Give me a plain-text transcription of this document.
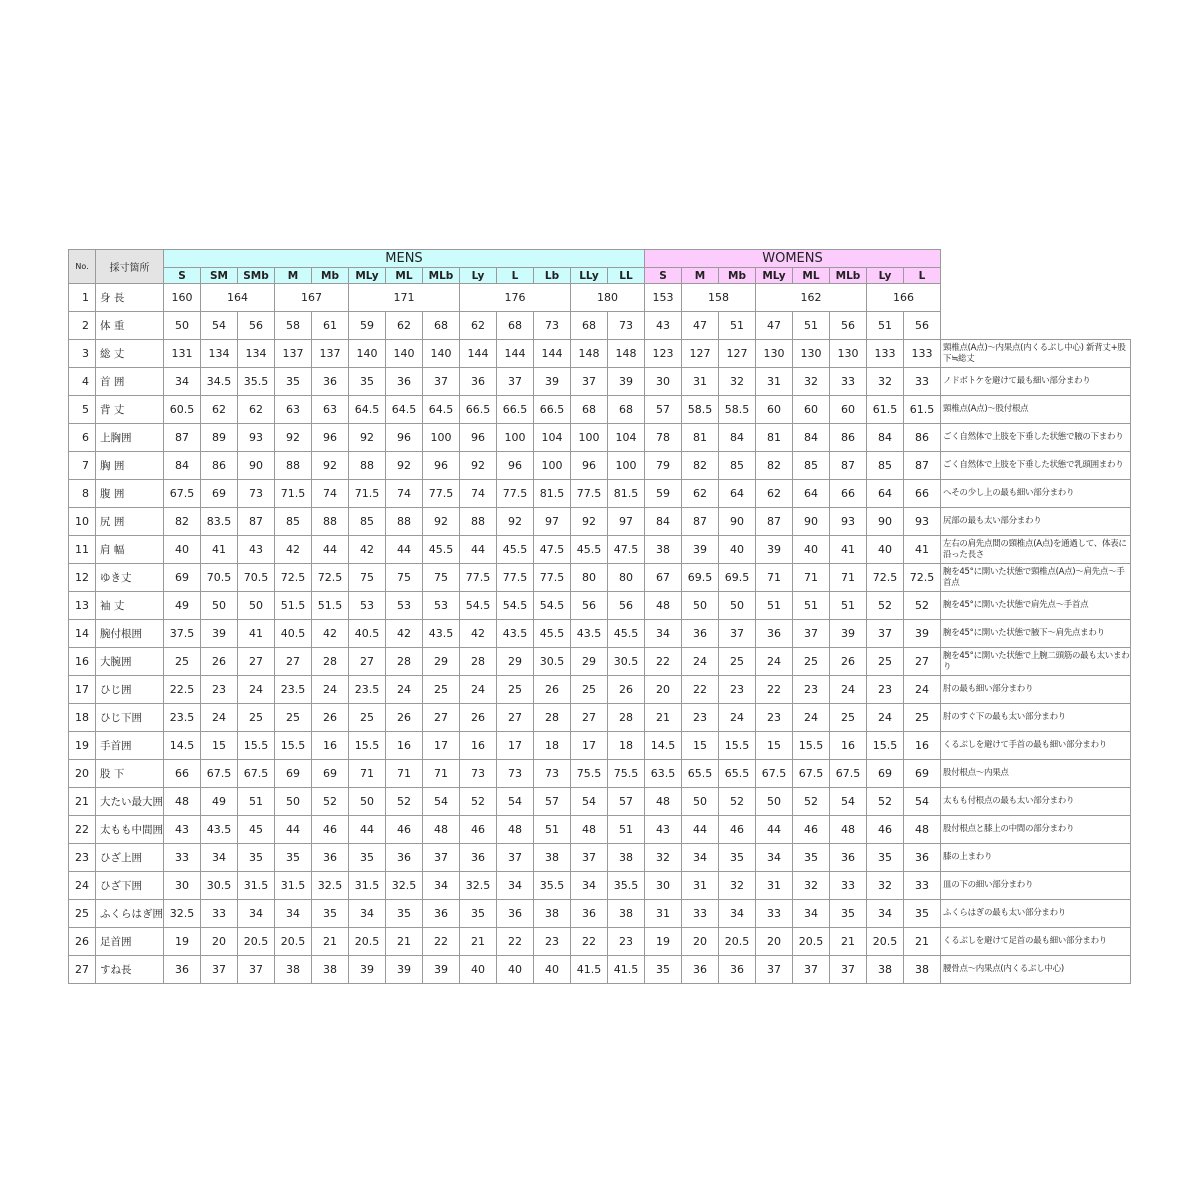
No.	採寸箇所	MENS													WOMENS								
		S	SM	SMb	M	Mb	MLy	ML	MLb	Ly	L	Lb	LLy	LL	S	M	Mb	MLy	ML	MLb	Ly	L	
1	身 長	160	164		167		171			176			180		153	158		162			166		
2	体 重	50	54	56	58	61	59	62	68	62	68	73	68	73	43	47	51	47	51	56	51	56	
3	総 丈	131	134	134	137	137	140	140	140	144	144	144	148	148	123	127	127	130	130	130	133	133	頸椎点(A点)〜内果点(内くるぶし中心) 新背丈+股下≒総丈
4	首 囲	34	34.5	35.5	35	36	35	36	37	36	37	39	37	39	30	31	32	31	32	33	32	33	ノドボトケを避けて最も細い部分まわり
5	背 丈	60.5	62	62	63	63	64.5	64.5	64.5	66.5	66.5	66.5	68	68	57	58.5	58.5	60	60	60	61.5	61.5	頸椎点(A点)〜股付根点
6	上胸囲	87	89	93	92	96	92	96	100	96	100	104	100	104	78	81	84	81	84	86	84	86	ごく自然体で上肢を下垂した状態で腋の下まわり
7	胸 囲	84	86	90	88	92	88	92	96	92	96	100	96	100	79	82	85	82	85	87	85	87	ごく自然体で上肢を下垂した状態で乳頭囲まわり
8	腹 囲	67.5	69	73	71.5	74	71.5	74	77.5	74	77.5	81.5	77.5	81.5	59	62	64	62	64	66	64	66	へその少し上の最も細い部分まわり
10	尻 囲	82	83.5	87	85	88	85	88	92	88	92	97	92	97	84	87	90	87	90	93	90	93	尻部の最も太い部分まわり
11	肩 幅	40	41	43	42	44	42	44	45.5	44	45.5	47.5	45.5	47.5	38	39	40	39	40	41	40	41	左右の肩先点間の頸椎点(A点)を通過して、体表に沿った長さ
12	ゆき丈	69	70.5	70.5	72.5	72.5	75	75	75	77.5	77.5	77.5	80	80	67	69.5	69.5	71	71	71	72.5	72.5	腕を45°に開いた状態で頸椎点(A点)〜肩先点〜手首点
13	袖 丈	49	50	50	51.5	51.5	53	53	53	54.5	54.5	54.5	56	56	48	50	50	51	51	51	52	52	腕を45°に開いた状態で肩先点〜手首点
14	腕付根囲	37.5	39	41	40.5	42	40.5	42	43.5	42	43.5	45.5	43.5	45.5	34	36	37	36	37	39	37	39	腕を45°に開いた状態で腋下〜肩先点まわり
16	大腕囲	25	26	27	27	28	27	28	29	28	29	30.5	29	30.5	22	24	25	24	25	26	25	27	腕を45°に開いた状態で上腕二頭筋の最も太いまわり
17	ひじ囲	22.5	23	24	23.5	24	23.5	24	25	24	25	26	25	26	20	22	23	22	23	24	23	24	肘の最も細い部分まわり
18	ひじ下囲	23.5	24	25	25	26	25	26	27	26	27	28	27	28	21	23	24	23	24	25	24	25	肘のすぐ下の最も太い部分まわり
19	手首囲	14.5	15	15.5	15.5	16	15.5	16	17	16	17	18	17	18	14.5	15	15.5	15	15.5	16	15.5	16	くるぶしを避けて手首の最も細い部分まわり
20	股 下	66	67.5	67.5	69	69	71	71	71	73	73	73	75.5	75.5	63.5	65.5	65.5	67.5	67.5	67.5	69	69	股付根点〜内果点
21	大たい最大囲	48	49	51	50	52	50	52	54	52	54	57	54	57	48	50	52	50	52	54	52	54	太もも付根点の最も太い部分まわり
22	太もも中間囲	43	43.5	45	44	46	44	46	48	46	48	51	48	51	43	44	46	44	46	48	46	48	股付根点と膝上の中間の部分まわり
23	ひざ上囲	33	34	35	35	36	35	36	37	36	37	38	37	38	32	34	35	34	35	36	35	36	膝の上まわり
24	ひざ下囲	30	30.5	31.5	31.5	32.5	31.5	32.5	34	32.5	34	35.5	34	35.5	30	31	32	31	32	33	32	33	皿の下の細い部分まわり
25	ふくらはぎ囲	32.5	33	34	34	35	34	35	36	35	36	38	36	38	31	33	34	33	34	35	34	35	ふくらはぎの最も太い部分まわり
26	足首囲	19	20	20.5	20.5	21	20.5	21	22	21	22	23	22	23	19	20	20.5	20	20.5	21	20.5	21	くるぶしを避けて足首の最も細い部分まわり
27	すね長	36	37	37	38	38	39	39	39	40	40	40	41.5	41.5	35	36	36	37	37	37	38	38	腰骨点〜内果点(内くるぶし中心)
